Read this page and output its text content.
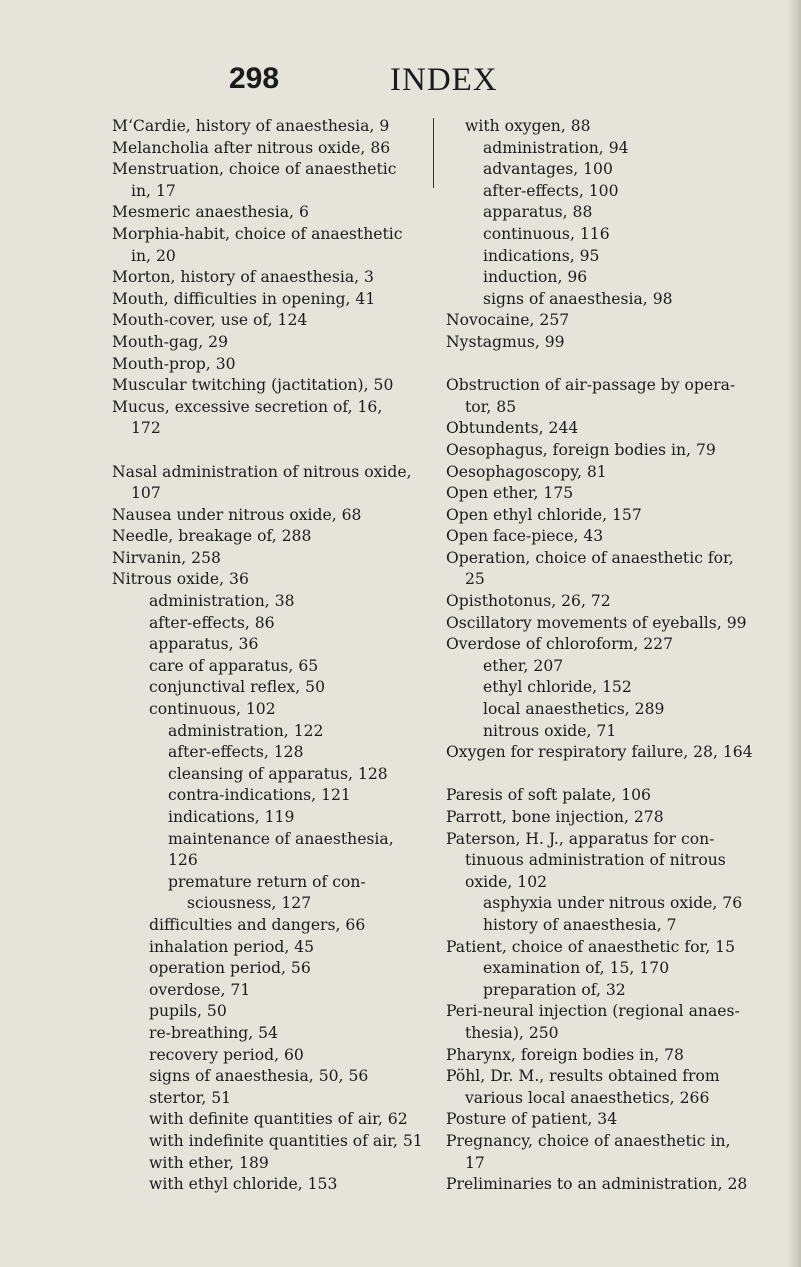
298	INDEX
M‘Cardie, history of anaesthesia, 9
Melancholia after nitrous oxide, 86
Menstruation, choice of anaesthetic
in, 17
Mesmeric anaesthesia, 6
Morphia-habit, choice of anaesthetic
in, 20
Morton, history of anaesthesia, 3
Mouth, difficulties in opening, 41
Mouth-cover, use of, 124
Mouth-gag, 29
Mouth-prop, 30
Muscular twitching (jactitation), 50
Mucus, excessive secretion of, 16,
172
Nasal administration of nitrous oxide,
107
Nausea under nitrous oxide, 68
Needle, breakage of, 288
Nirvanin, 258
Nitrous oxide, 36
administration, 38
after-effects, 86
apparatus, 36
care of apparatus, 65
conjunctival reflex, 50
continuous, 102
administration, 122
after-effects, 128
cleansing of apparatus, 128
contra-indications, 121
indications, 119
maintenance of anaesthesia,
126
premature return of con-
sciousness, 127
difficulties and dangers, 66
inhalation period, 45
operation period, 56
overdose, 71
pupils, 50
re-breathing, 54
recovery period, 60
signs of anaesthesia, 50, 56
stertor, 51
with definite quantities of air, 62
with indefinite quantities of air, 51
with ether, 189
with ethyl chloride, 153
with oxygen, 88
administration, 94
advantages, 100
after-effects, 100
apparatus, 88
continuous, 116
indications, 95
induction, 96
signs of anaesthesia, 98
Novocaine, 257
Nystagmus, 99
Obstruction of air-passage by opera-
tor, 85
Obtundents, 244
Oesophagus, foreign bodies in, 79
Oesophagoscopy, 81
Open ether, 175
Open ethyl chloride, 157
Open face-piece, 43
Operation, choice of anaesthetic for,
25
Opisthotonus, 26, 72
Oscillatory movements of eyeballs, 99
Overdose of chloroform, 227
ether, 207
ethyl chloride, 152
local anaesthetics, 289
nitrous oxide, 71
Oxygen for respiratory failure, 28, 164
Paresis of soft palate, 106
Parrott, bone injection, 278
Paterson, H. J., apparatus for con-
tinuous administration of nitrous
oxide, 102
asphyxia under nitrous oxide, 76
history of anaesthesia, 7
Patient, choice of anaesthetic for, 15
examination of, 15, 170
preparation of, 32
Peri-neural injection (regional anaes-
thesia), 250
Pharynx, foreign bodies in, 78
Pöhl, Dr. M., results obtained from
various local anaesthetics, 266
Posture of patient, 34
Pregnancy, choice of anaesthetic in,
17
Preliminaries to an administration, 28
